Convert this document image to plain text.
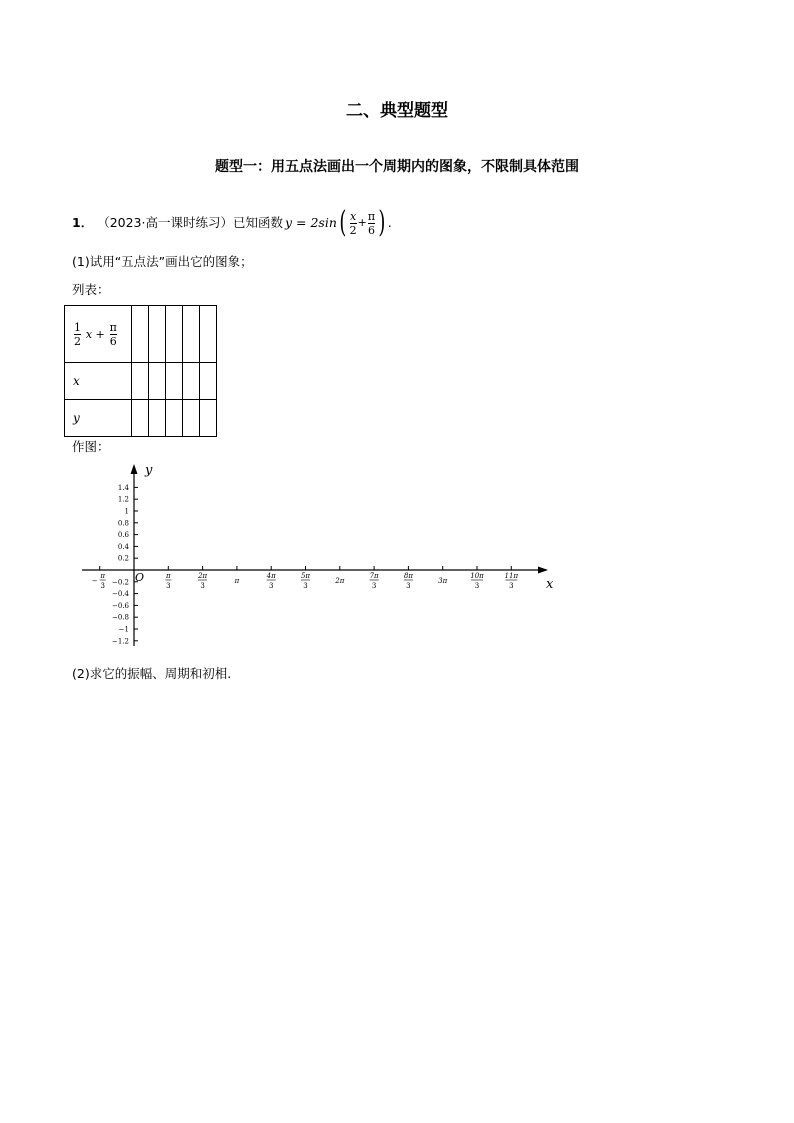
二、典型题型
题型一：用五点法画出一个周期内的图象，不限制具体范围
1． （2023·高一课时练习）已知函数 y = 2sin ( $\frac{x}{2} + \frac{\pi}{6}$ ) .
(1)试用“五点法”画出它的图象；
列表：
$\frac{1}{2}$ $x + \frac{\pi}{6}$

x					
y					
作图：
y
x
O
1.4
1.2
1
0.8
0.6
0.4
0.2
−0.2
−0.4
−0.6
−0.8
−1
−1.2
−
π
3
π
3
2π
3
π
4π
3
5π
3
2π
7π
3
8π
3
3π
10π
3
11π
3
(2)求它的振幅、周期和初相.
